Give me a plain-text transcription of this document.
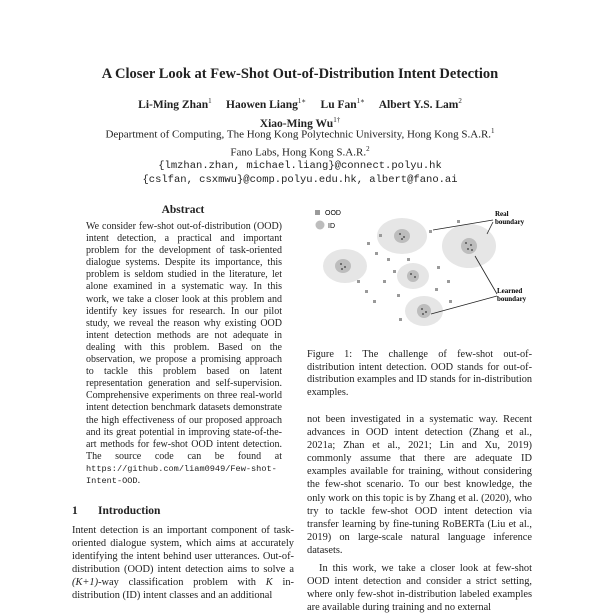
A Closer Look at Few-Shot Out-of-Distribution Intent Detection
Li-Ming Zhan$^1$ Haowen Liang$^{1∗}$ Lu Fan$^{1∗}$ Albert Y.S. Lam$^2$
Xiao-Ming $Wu^{1\dagger}$
Department of Computing, The Hong Kong Polytechnic University, Hong Kong S.A.R.$^1$
Fano Labs, Hong Kong S.A.R.$^2$
{lmzhan.zhan, michael.liang}@connect.polyu.hk
{cslfan, csxmwu}@comp.polyu.edu.hk, albert@fano.ai
Abstract
We consider few-shot out-of-distribution (OOD) intent detection, a practical and important problem for the development of task-oriented dialogue systems. Despite its importance, this problem is seldom studied in the literature, let alone examined in a systematic way. In this work, we take a closer look at this problem and identify key issues for research. In our pilot study, we reveal the reason why existing OOD intent detection methods are not adequate in dealing with this problem. Based on the observation, we propose a promising approach to tackle this problem based on latent representation generation and self-supervision. Comprehensive experiments on three real-world intent detection benchmark datasets demonstrate the high effectiveness of our proposed approach and its great potential in improving state-of-the-art methods for few-shot OOD intent detection. The source code can be found at https://github.com/liam0949/Few-shot-Intent-OOD.
1 Introduction
Intent detection is an important component of task-oriented dialogue system, which aims at accurately identifying the intent behind user utterances. Out-of-distribution (OOD) intent detection aims to solve a (K+1)-way classification problem with K in-distribution (ID) intent classes and an additional
OOD
ID
Real boundary
Learned boundary
Figure 1: The challenge of few-shot out-of-distribution intent detection. OOD stands for out-of-distribution examples and ID stands for in-distribution examples.

not been investigated in a systematic way. Recent advances in OOD intent detection (Zhang et al., 2021a; Zhan et al., 2021; Lin and Xu, 2019) commonly assume that there are adequate ID examples available for training, without considering the few-shot scenario. To our best knowledge, the only work on this topic is by Zhang et al. (2020), who try to tackle few-shot OOD intent detection via transfer learning by fine-tuning RoBERTa (Liu et al., 2019) on large-scale natural language inference datasets.

In this work, we take a closer look at few-shot OOD intent detection and consider a strict setting, where only few-shot in-distribution labeled examples are available during training and no external
